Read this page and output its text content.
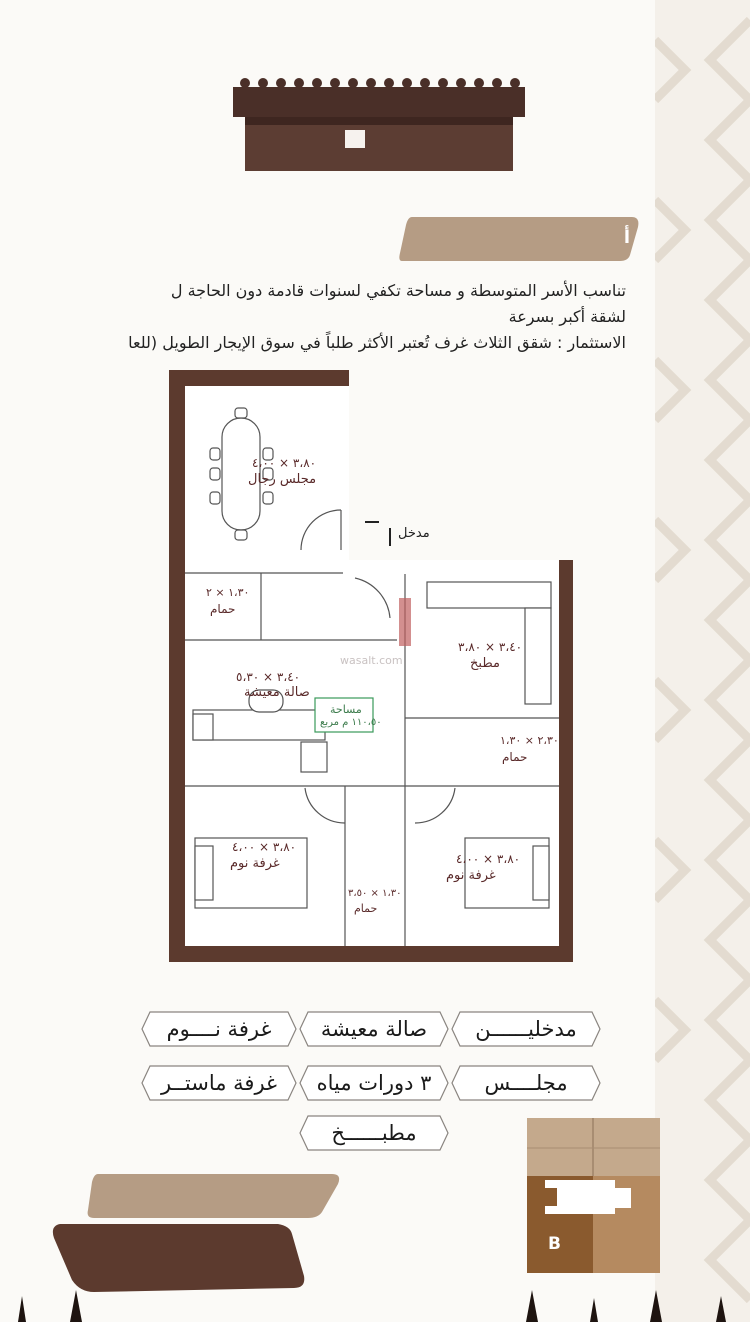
أ
تناسب الأسر المتوسطة و مساحة تكفي لسنوات قادمة دون الحاجة ل
لشقة أكبر بسرعة
الاستثمار : شقق الثلاث غرف تُعتبر الأكثر طلباً في سوق الإيجار الطويل (للعا
مدخل
wasalt.com
٣،٨٠ × ٤،٠٠
مجلس رجال
١،٣٠ × ٢
حمام
٣،٤٠ × ٥،٣٠
صالة معيشة
مساحة
١١٠،٥٠ م مربع
٣،٤٠ × ٣،٨٠
مطبخ
٢،٣٠ × ١،٣٠
حمام
٣،٨٠ × ٤،٠٠
غرفة نوم	٣،٨٠ × ٤،٠٠
غرفة نوم
١،٣٠ × ٣،٥٠
حمام
مدخليــــــن
صالة معيشة
غرفة نــــوم
مجلــــس
٣ دورات مياه
غرفة ماستــر
مطبــــــخ
B
